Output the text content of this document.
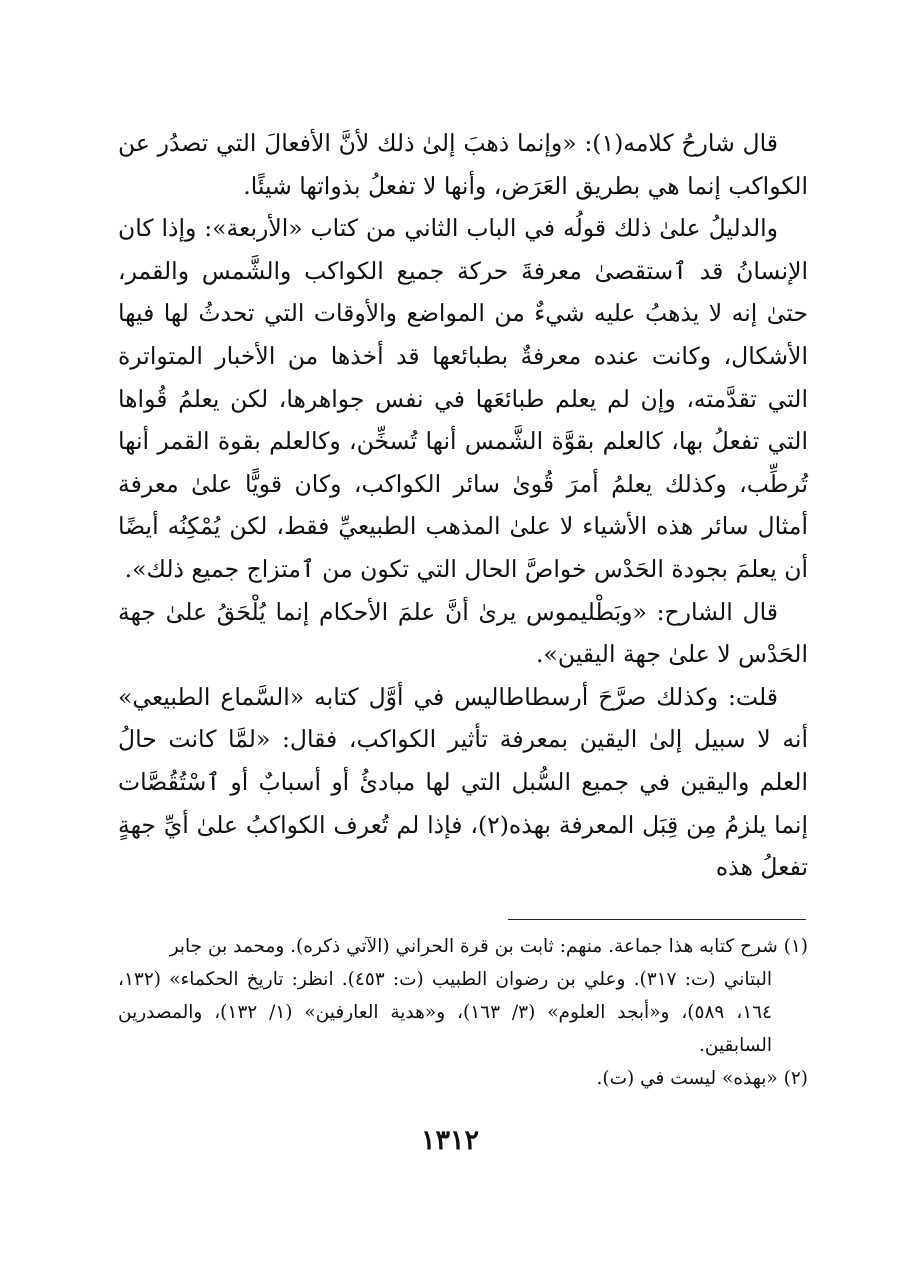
قال شارحُ كلامه(١): «وإنما ذهبَ إلىٰ ذلك لأنَّ الأفعالَ التي تصدُر عن الكواكب إنما هي بطريق العَرَض، وأنها لا تفعلُ بذواتها شيئًا.

والدليلُ علىٰ ذلك قولُه في الباب الثاني من كتاب «الأربعة»: وإذا كان الإنسانُ قد ٱستقصىٰ معرفةَ حركة جميع الكواكب والشَّمس والقمر، حتىٰ إنه لا يذهبُ عليه شيءٌ من المواضع والأوقات التي تحدثُ لها فيها الأشكال، وكانت عنده معرفةٌ بطبائعها قد أخذها من الأخبار المتواترة التي تقدَّمته، وإن لم يعلم طبائعَها في نفس جواهرها، لكن يعلمُ قُواها التي تفعلُ بها، كالعلم بقوَّة الشَّمس أنها تُسخِّن، وكالعلم بقوة القمر أنها تُرطِّب، وكذلك يعلمُ أمرَ قُوىٰ سائر الكواكب، وكان قويًّا علىٰ معرفة أمثال سائر هذه الأشياء لا علىٰ المذهب الطبيعيِّ فقط، لكن يُمْكِنُه أيضًا أن يعلمَ بجودة الحَدْس خواصَّ الحال التي تكون من ٱمتزاج جميع ذلك».

قال الشارح: «وبَطْليموس يرىٰ أنَّ علمَ الأحكام إنما يُلْحَقُ علىٰ جهة الحَدْس لا علىٰ جهة اليقين».

قلت: وكذلك صرَّحَ أرسطاطاليس في أوَّل كتابه «السَّماع الطبيعي» أنه لا سبيل إلىٰ اليقين بمعرفة تأثير الكواكب، فقال: «لمَّا كانت حالُ العلم واليقين في جميع السُّبل التي لها مبادئُ أو أسبابٌ أو ٱسْتُقُصَّات إنما يلزمُ مِن قِبَل المعرفة بهذه(٢)، فإذا لم تُعرف الكواكبُ علىٰ أيِّ جهةٍ تفعلُ هذه

(١) شرح كتابه هذا جماعة. منهم: ثابت بن قرة الحراني (الآتي ذكره). ومحمد بن جابر

البتاني (ت: ٣١٧). وعلي بن رضوان الطبيب (ت: ٤٥٣). انظر: تاريخ الحكماء» (١٣٢، ١٦٤، ٥٨٩)، و«أبجد العلوم» (٣/ ١٦٣)، و«هدية العارفين» (١/ ١٣٢)، والمصدرين السابقين.

(٢) «بهذه» ليست في (ت).

١٣١٢
